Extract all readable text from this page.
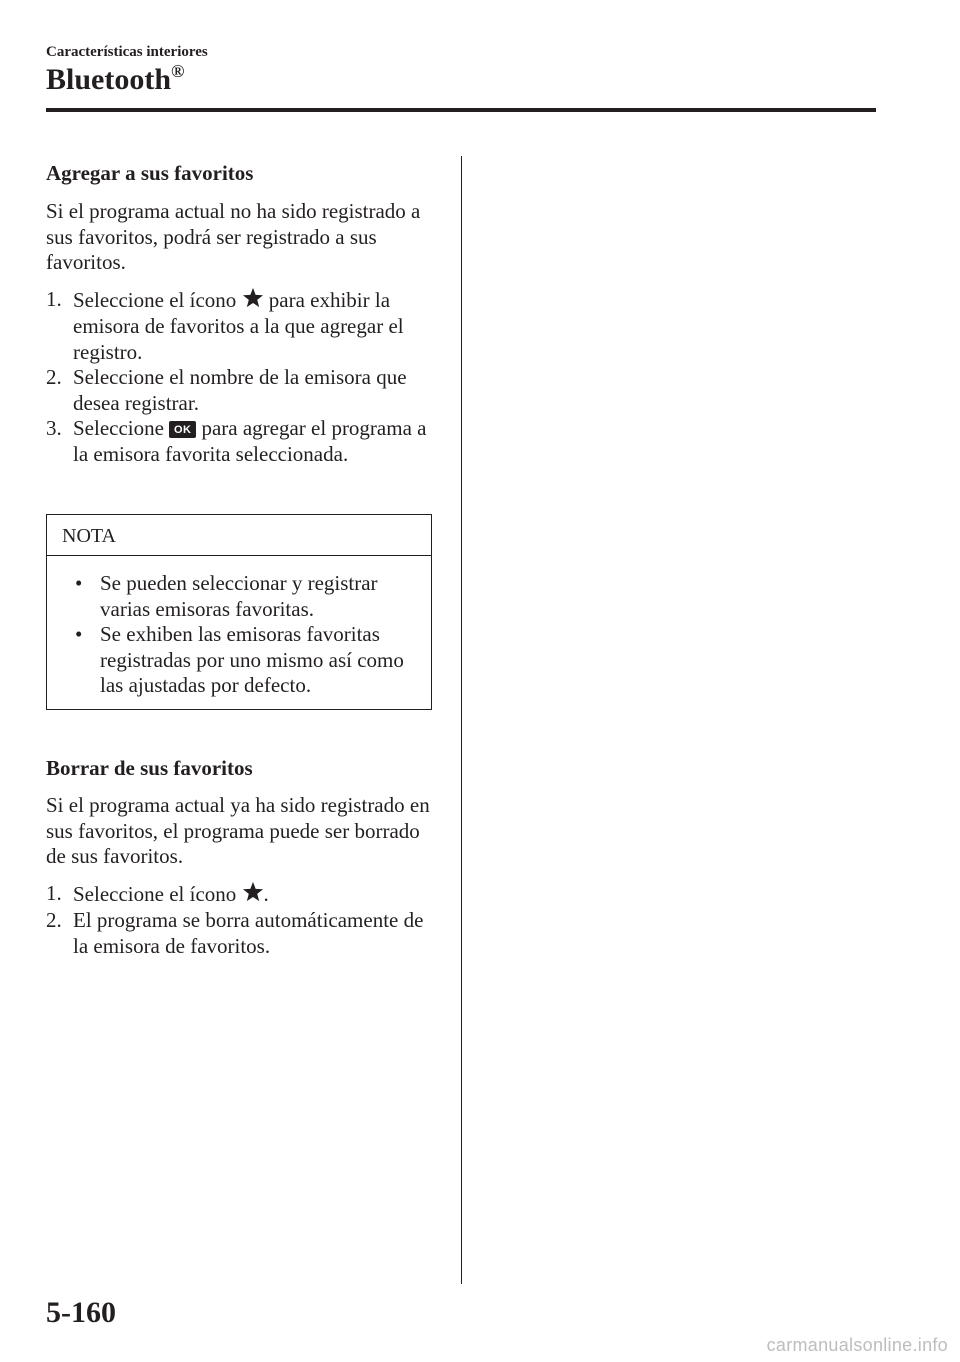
Características interiores
Bluetooth®
Agregar a sus favoritos

Si el programa actual no ha sido registrado a sus favoritos, podrá ser registrado a sus favoritos.

1. Seleccione el ícono  para exhibir la emisora de favoritos a la que agregar el registro.
2. Seleccione el nombre de la emisora que desea registrar.
3. Seleccione OK para agregar el programa a la emisora favorita seleccionada.
NOTA
• Se pueden seleccionar y registrar varias emisoras favoritas.
• Se exhiben las emisoras favoritas registradas por uno mismo así como las ajustadas por defecto.
Borrar de sus favoritos

Si el programa actual ya ha sido registrado en sus favoritos, el programa puede ser borrado de sus favoritos.

1. Seleccione el ícono .
2. El programa se borra automáticamente de la emisora de favoritos.
5-160
carmanualsonline.info
